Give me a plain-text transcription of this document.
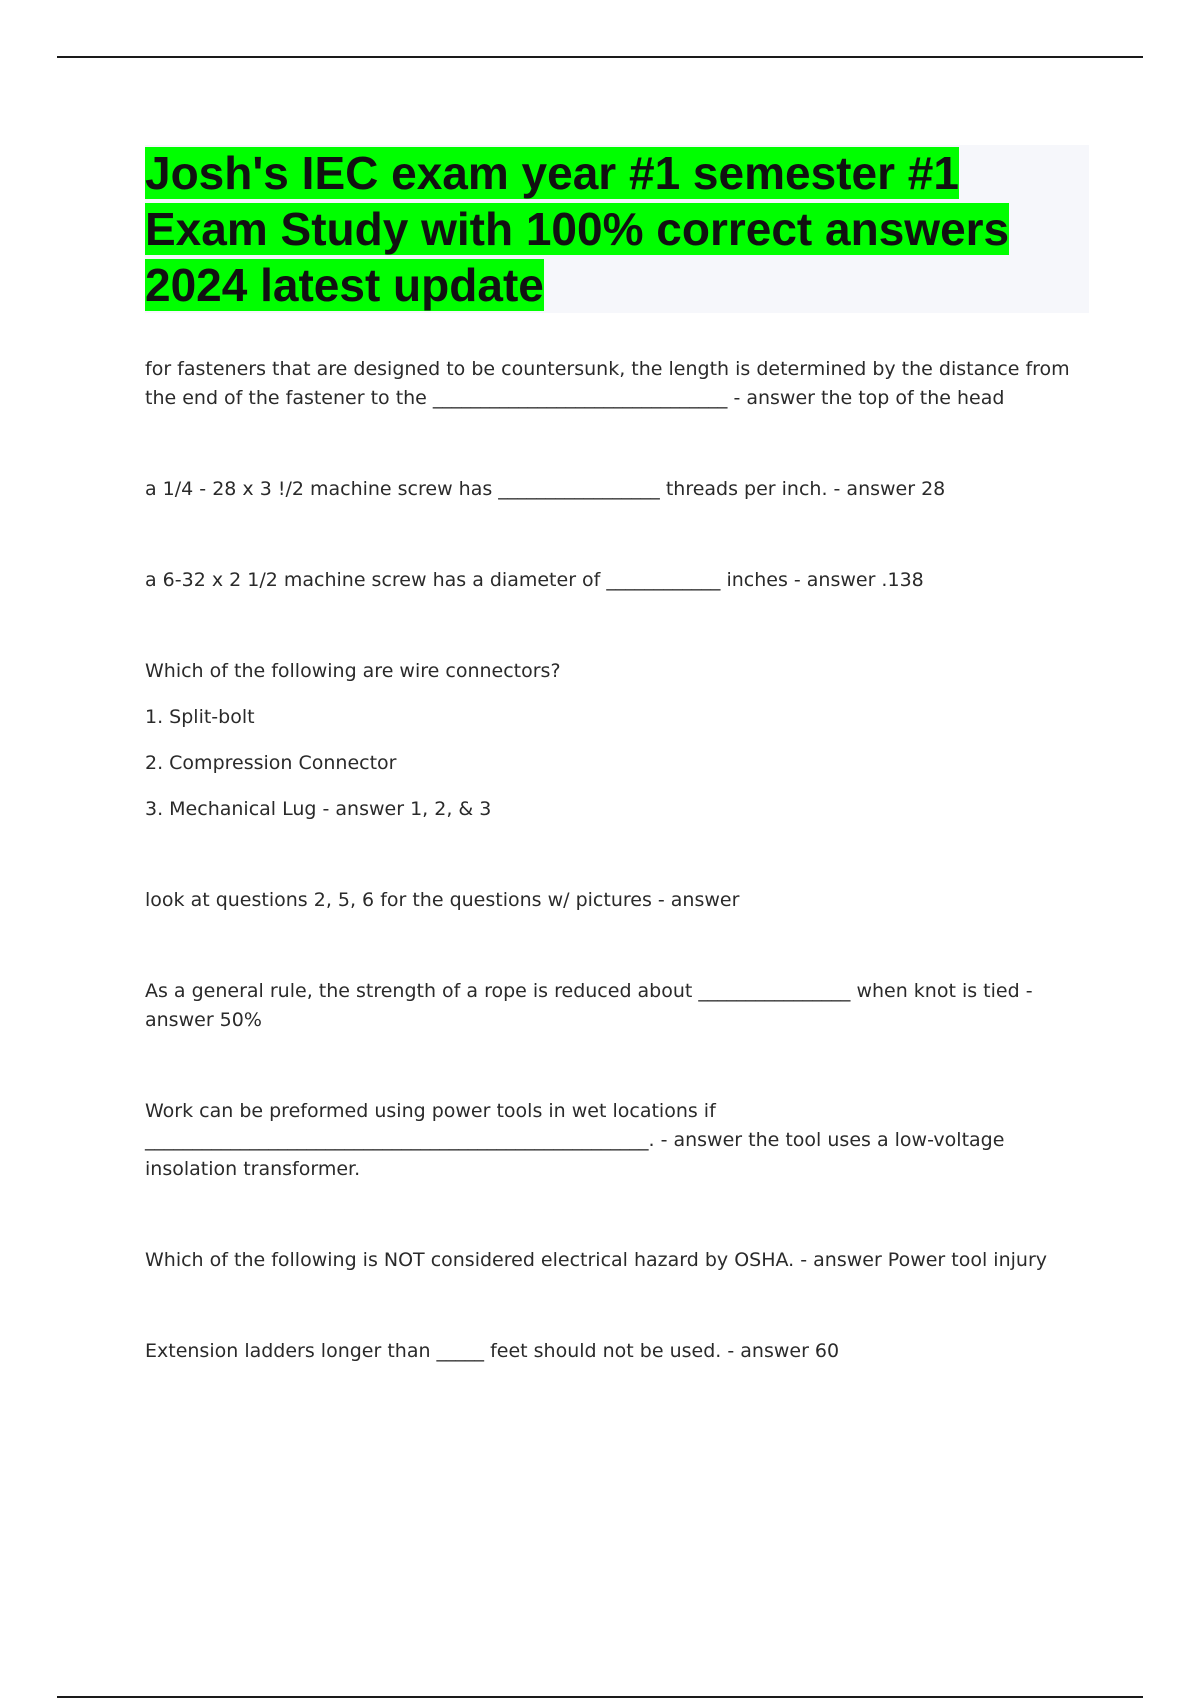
Josh's IEC exam year #1 semester #1 Exam Study with 100% correct answers 2024 latest update

for fasteners that are designed to be countersunk, the length is determined by the distance from the end of the fastener to the _______________________________ - answer the top of the head

a 1/4 - 28 x 3 !/2 machine screw has _________________ threads per inch. - answer 28

a 6-32 x 2 1/2 machine screw has a diameter of ____________ inches - answer .138

Which of the following are wire connectors?

1. Split-bolt

2. Compression Connector

3. Mechanical Lug - answer 1, 2, & 3

look at questions 2, 5, 6 for the questions w/ pictures - answer

As a general rule, the strength of a rope is reduced about ________________ when knot is tied - answer 50%

Work can be preformed using power tools in wet locations if _____________________________________________________. - answer the tool uses a low-voltage insolation transformer.

Which of the following is NOT considered electrical hazard by OSHA. - answer Power tool injury

Extension ladders longer than _____ feet should not be used. - answer 60
